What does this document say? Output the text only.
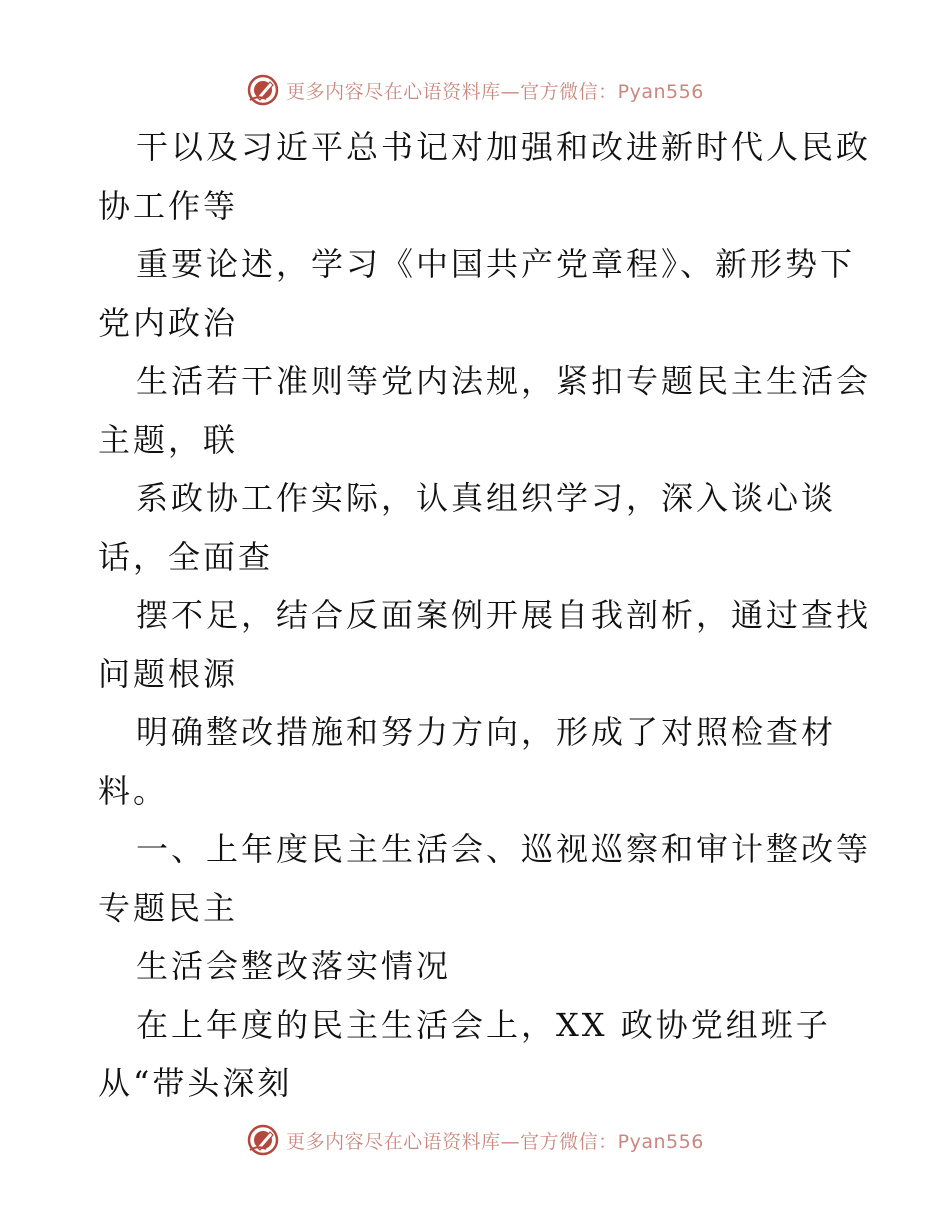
更多内容尽在心语资料库—官方微信：Pyan556
干以及习近平总书记对加强和改进新时代人民政
协工作等
重要论述，学习《中国共产党章程》、新形势下
党内政治
生活若干准则等党内法规，紧扣专题民主生活会
主题，联
系政协工作实际，认真组织学习，深入谈心谈
话，全面查
摆不足，结合反面案例开展自我剖析，通过查找
问题根源
明确整改措施和努力方向，形成了对照检查材
料。
一、上年度民主生活会、巡视巡察和审计整改等
专题民主
生活会整改落实情况
在上年度的民主生活会上，XX 政协党组班子
从“带头深刻
更多内容尽在心语资料库—官方微信：Pyan556
